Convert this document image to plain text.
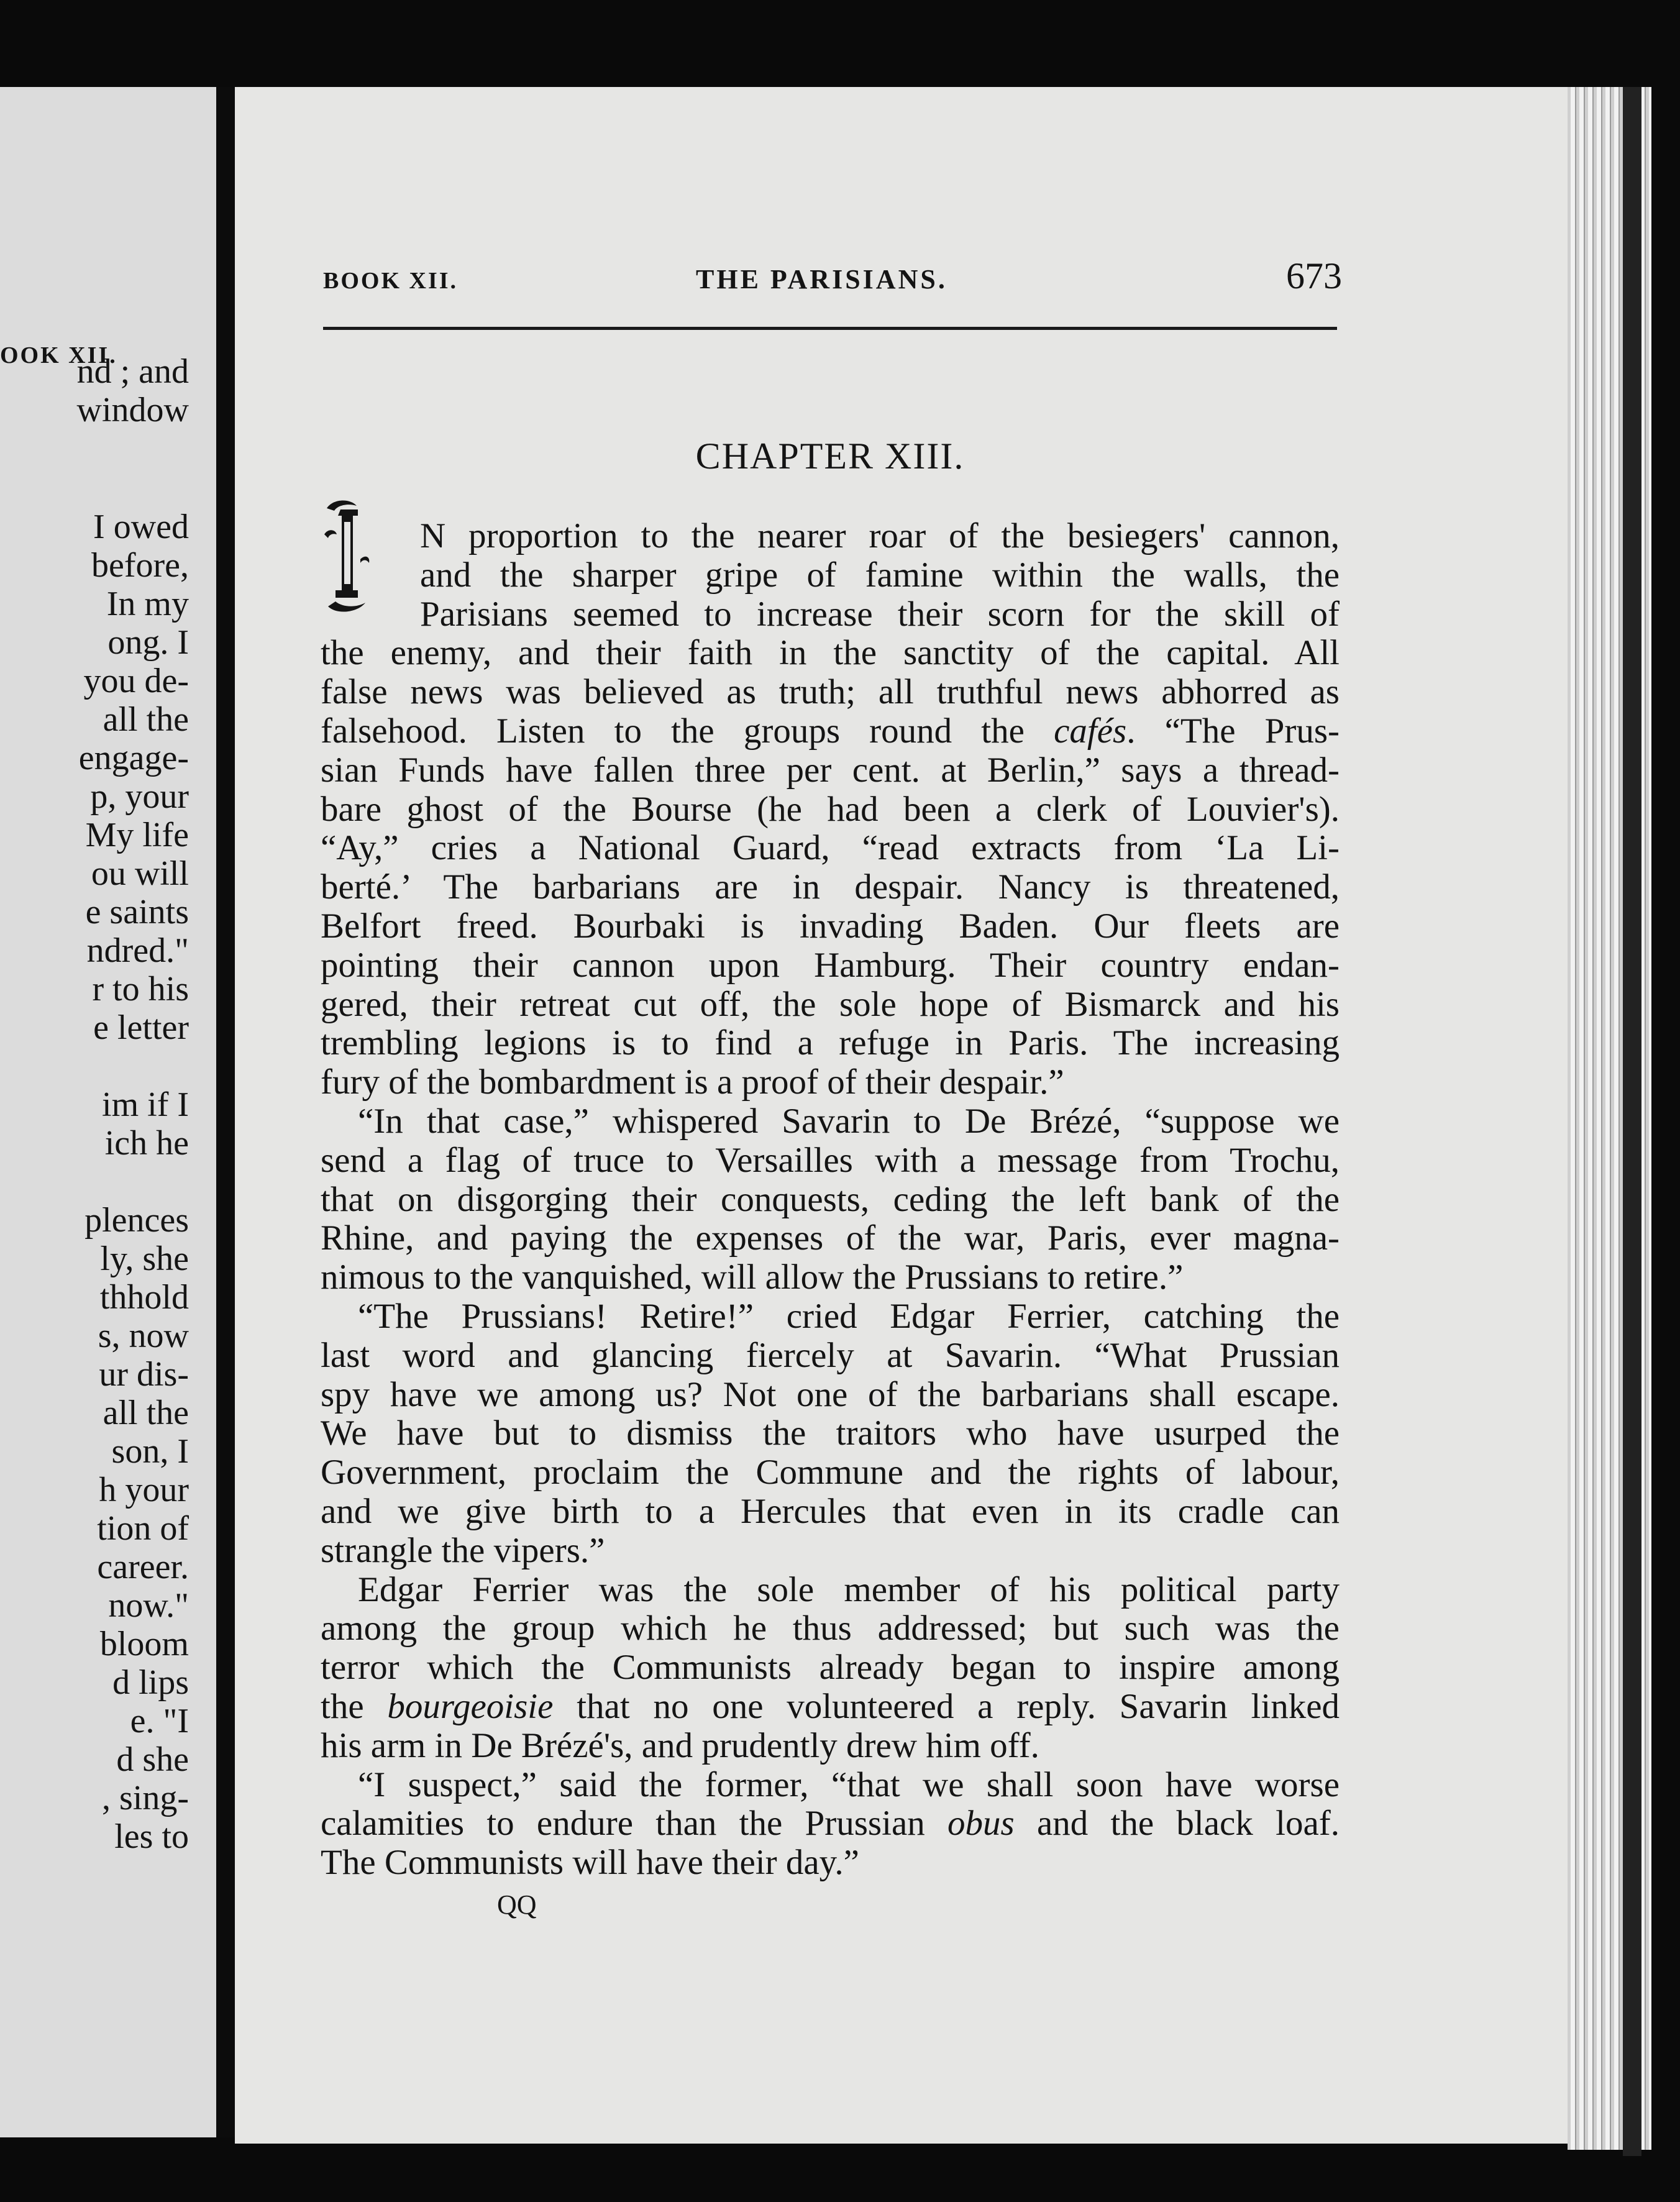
OOK XII.
nd ; and
window
I owed
before,
In my
ong. I
you de-
all the
engage-
p, your
My life
ou will
e saints
ndred."
r to his
e letter
im if I
ich he
plences
ly, she
thhold
s, now
ur dis-
all the
son, I
h your
tion of
career.
now."
bloom
d lips
e. "I
d she
, sing-
les to
BOOK XII.	THE PARISIANS.	673
CHAPTER XIII.
N proportion to the nearer roar of the besiegers' cannon,
and the sharper gripe of famine within the walls, the
Parisians seemed to increase their scorn for the skill of
the enemy, and their faith in the sanctity of the capital. All
false news was believed as truth; all truthful news abhorred as
falsehood. Listen to the groups round the cafés. “The Prus-
sian Funds have fallen three per cent. at Berlin,” says a thread-
bare ghost of the Bourse (he had been a clerk of Louvier's).
“Ay,” cries a National Guard, “read extracts from ‘La Li-
berté.’ The barbarians are in despair. Nancy is threatened,
Belfort freed. Bourbaki is invading Baden. Our fleets are
pointing their cannon upon Hamburg. Their country endan-
gered, their retreat cut off, the sole hope of Bismarck and his
trembling legions is to find a refuge in Paris. The increasing
fury of the bombardment is a proof of their despair.”
“In that case,” whispered Savarin to De Brézé, “suppose we
send a flag of truce to Versailles with a message from Trochu,
that on disgorging their conquests, ceding the left bank of the
Rhine, and paying the expenses of the war, Paris, ever magna-
nimous to the vanquished, will allow the Prussians to retire.”
“The Prussians! Retire!” cried Edgar Ferrier, catching the
last word and glancing fiercely at Savarin. “What Prussian
spy have we among us? Not one of the barbarians shall escape.
We have but to dismiss the traitors who have usurped the
Government, proclaim the Commune and the rights of labour,
and we give birth to a Hercules that even in its cradle can
strangle the vipers.”
Edgar Ferrier was the sole member of his political party
among the group which he thus addressed; but such was the
terror which the Communists already began to inspire among
the bourgeoisie that no one volunteered a reply. Savarin linked
his arm in De Brézé's, and prudently drew him off.
“I suspect,” said the former, “that we shall soon have worse
calamities to endure than the Prussian obus and the black loaf.
The Communists will have their day.”
QQ
